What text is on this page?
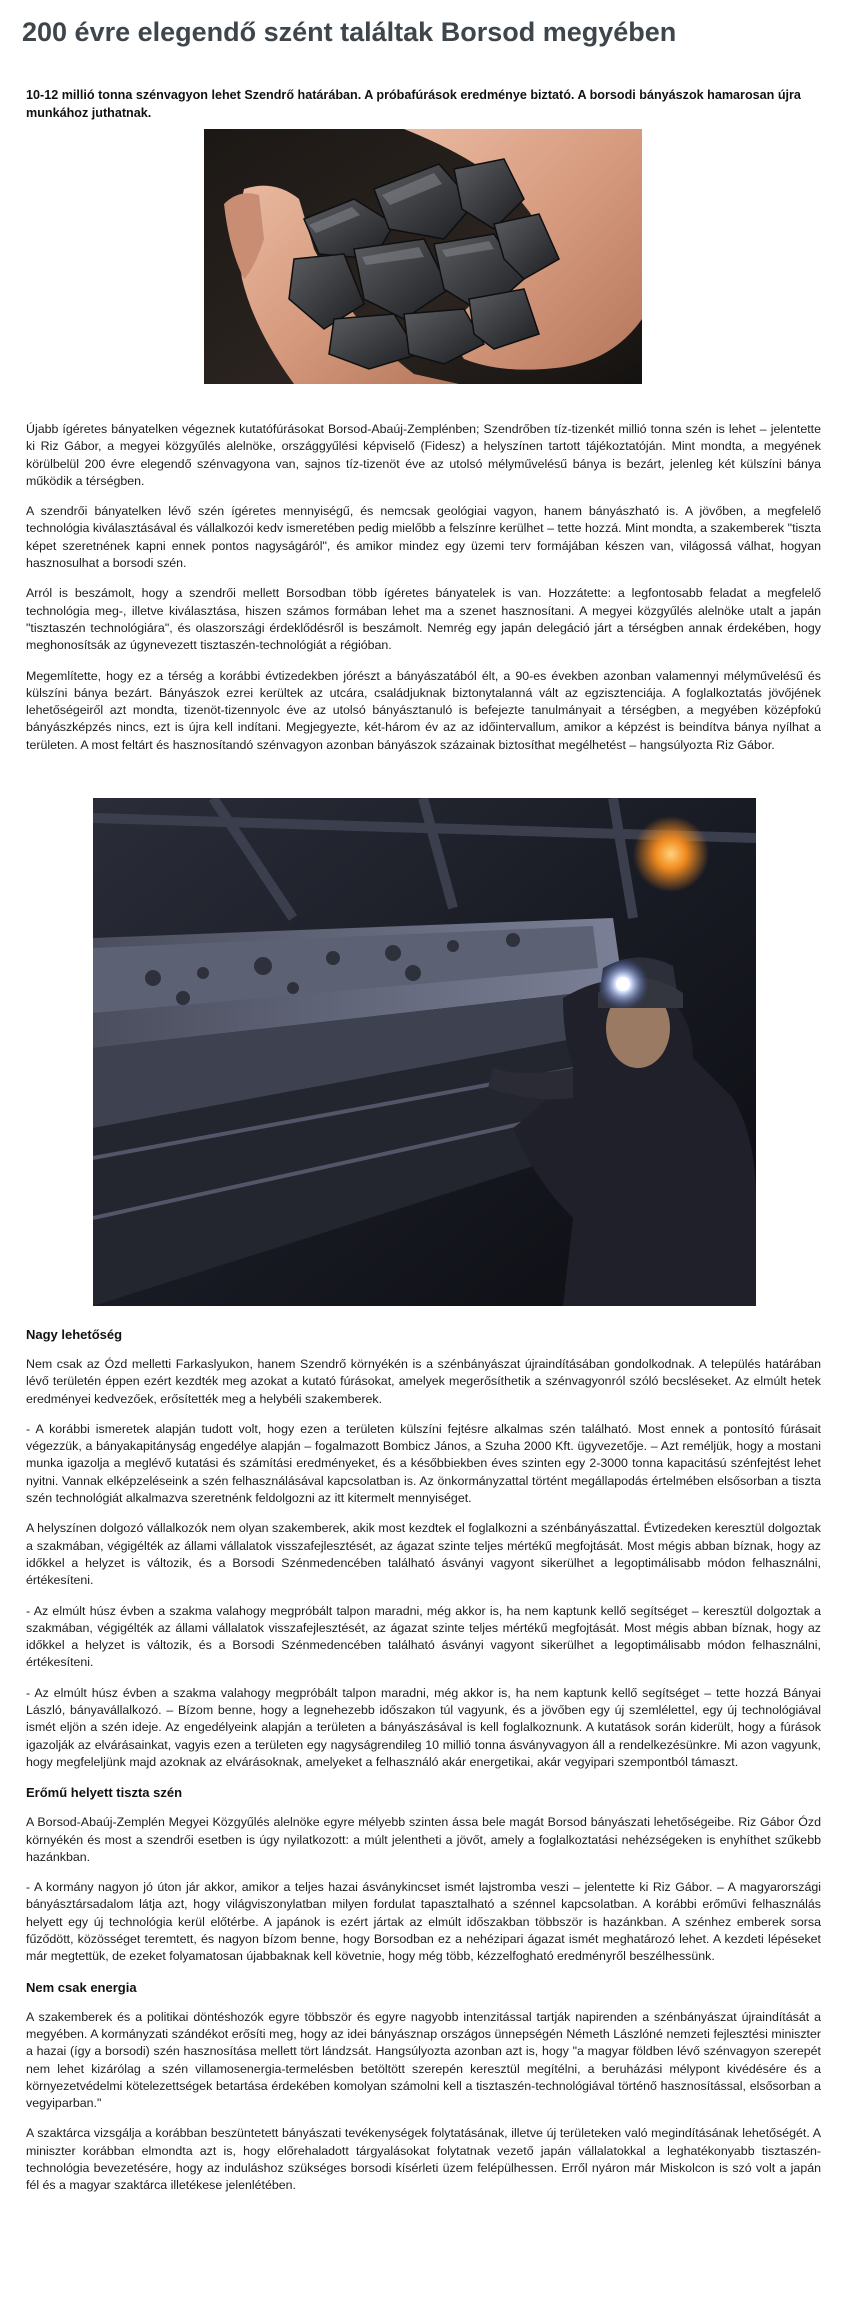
200 évre elegendő szént találtak Borsod megyében
10-12 millió tonna szénvagyon lehet Szendrő határában. A próbafúrások eredménye biztató. A borsodi bányászok hamarosan újra munkához juthatnak.

Újabb ígéretes bányatelken végeznek kutatófúrásokat Borsod-Abaúj-Zemplénben; Szendrőben tíz-tizenkét millió tonna szén is lehet – jelentette ki Riz Gábor, a megyei közgyűlés alelnöke, országgyűlési képviselő (Fidesz) a helyszínen tartott tájékoztatóján. Mint mondta, a megyének körülbelül 200 évre elegendő szénvagyona van, sajnos tíz-tizenöt éve az utolsó mélyművelésű bánya is bezárt, jelenleg két külszíni bánya működik a térségben.

A szendrői bányatelken lévő szén ígéretes mennyiségű, és nemcsak geológiai vagyon, hanem bányászható is. A jövőben, a megfelelő technológia kiválasztásával és vállalkozói kedv ismeretében pedig mielőbb a felszínre kerülhet – tette hozzá. Mint mondta, a szakemberek "tiszta képet szeretnének kapni ennek pontos nagyságáról", és amikor mindez egy üzemi terv formájában készen van, világossá válhat, hogyan hasznosulhat a borsodi szén.

Arról is beszámolt, hogy a szendrői mellett Borsodban több ígéretes bányatelek is van. Hozzátette: a legfontosabb feladat a megfelelő technológia meg-, illetve kiválasztása, hiszen számos formában lehet ma a szenet hasznosítani. A megyei közgyűlés alelnöke utalt a japán "tisztaszén technológiára", és olaszországi érdeklődésről is beszámolt. Nemrég egy japán delegáció járt a térségben annak érdekében, hogy meghonosítsák az úgynevezett tisztaszén-technológiát a régióban.

Megemlítette, hogy ez a térség a korábbi évtizedekben jórészt a bányászatából élt, a 90-es években azonban valamennyi mélyművelésű és külszíni bánya bezárt. Bányászok ezrei kerültek az utcára, családjuknak biztonytalanná vált az egzisztenciája. A foglalkoztatás jövőjének lehetőségeiről azt mondta, tizenöt-tizennyolc éve az utolsó bányásztanuló is befejezte tanulmányait a térségben, a megyében középfokú bányászképzés nincs, ezt is újra kell indítani. Megjegyezte, két-három év az az időintervallum, amikor a képzést is beindítva bánya nyílhat a területen. A most feltárt és hasznosítandó szénvagyon azonban bányászok százainak biztosíthat megélhetést – hangsúlyozta Riz Gábor.

Nagy lehetőség

Nem csak az Ózd melletti Farkaslyukon, hanem Szendrő környékén is a szénbányászat újraindításában gondolkodnak. A település határában lévő területén éppen ezért kezdték meg azokat a kutató fúrásokat, amelyek megerősíthetik a szénvagyonról szóló becsléseket. Az elmúlt hetek eredményei kedvezőek, erősítették meg a helybéli szakemberek.

- A korábbi ismeretek alapján tudott volt, hogy ezen a területen külszíni fejtésre alkalmas szén található. Most ennek a pontosító fúrásait végezzük, a bányakapitányság engedélye alapján – fogalmazott Bombicz János, a Szuha 2000 Kft. ügyvezetője. – Azt reméljük, hogy a mostani munka igazolja a meglévő kutatási és számítási eredményeket, és a későbbiekben éves szinten egy 2-3000 tonna kapacitású szénfejtést lehet nyitni. Vannak elképzeléseink a szén felhasználásával kapcsolatban is. Az önkormányzattal történt megállapodás értelmében elsősorban a tiszta szén technológiát alkalmazva szeretnénk feldolgozni az itt kitermelt mennyiséget.

A helyszínen dolgozó vállalkozók nem olyan szakemberek, akik most kezdtek el foglalkozni a szénbányászattal. Évtizedeken keresztül dolgoztak a szakmában, végigélték az állami vállalatok visszafejlesztését, az ágazat szinte teljes mértékű megfojtását. Most mégis abban bíznak, hogy az időkkel a helyzet is változik, és a Borsodi Szénmedencében található ásványi vagyont sikerülhet a legoptimálisabb módon felhasználni, értékesíteni.

- Az elmúlt húsz évben a szakma valahogy megpróbált talpon maradni, még akkor is, ha nem kaptunk kellő segítséget – keresztül dolgoztak a szakmában, végigélték az állami vállalatok visszafejlesztését, az ágazat szinte teljes mértékű megfojtását. Most mégis abban bíznak, hogy az időkkel a helyzet is változik, és a Borsodi Szénmedencében található ásványi vagyont sikerülhet a legoptimálisabb módon felhasználni, értékesíteni.

- Az elmúlt húsz évben a szakma valahogy megpróbált talpon maradni, még akkor is, ha nem kaptunk kellő segítséget – tette hozzá Bányai László, bányavállalkozó. – Bízom benne, hogy a legnehezebb időszakon túl vagyunk, és a jövőben egy új szemlélettel, egy új technológiával ismét eljön a szén ideje. Az engedélyeink alapján a területen a bányászásával is kell foglalkoznunk. A kutatások során kiderült, hogy a fúrások igazolják az elvárásainkat, vagyis ezen a területen egy nagyságrendileg 10 millió tonna ásványvagyon áll a rendelkezésünkre. Mi azon vagyunk, hogy megfeleljünk majd azoknak az elvárásoknak, amelyeket a felhasználó akár energetikai, akár vegyipari szempontból támaszt.

Erőmű helyett tiszta szén

A Borsod-Abaúj-Zemplén Megyei Közgyűlés alelnöke egyre mélyebb szinten ássa bele magát Borsod bányászati lehetőségeibe. Riz Gábor Ózd környékén és most a szendrői esetben is úgy nyilatkozott: a múlt jelentheti a jövőt, amely a foglalkoztatási nehézségeken is enyhíthet szűkebb hazánkban.

- A kormány nagyon jó úton jár akkor, amikor a teljes hazai ásványkincset ismét lajstromba veszi – jelentette ki Riz Gábor. – A magyarországi bányásztársadalom látja azt, hogy világviszonylatban milyen fordulat tapasztalható a szénnel kapcsolatban. A korábbi erőművi felhasználás helyett egy új technológia kerül előtérbe. A japánok is ezért jártak az elmúlt időszakban többször is hazánkban. A szénhez emberek sorsa fűződött, közösséget teremtett, és nagyon bízom benne, hogy Borsodban ez a nehézipari ágazat ismét meghatározó lehet. A kezdeti lépéseket már megtettük, de ezeket folyamatosan újabbaknak kell követnie, hogy még több, kézzelfogható eredményről beszélhessünk.

Nem csak energia

A szakemberek és a politikai döntéshozók egyre többször és egyre nagyobb intenzitással tartják napirenden a szénbányászat újraindítását a megyében. A kormányzati szándékot erősíti meg, hogy az idei bányásznap országos ünnepségén Németh Lászlóné nemzeti fejlesztési miniszter a hazai (így a borsodi) szén hasznosítása mellett tört lándzsát. Hangsúlyozta azonban azt is, hogy "a magyar földben lévő szénvagyon szerepét nem lehet kizárólag a szén villamosenergia-termelésben betöltött szerepén keresztül megítélni, a beruházási mélypont kivédésére és a környezetvédelmi kötelezettségek betartása érdekében komolyan számolni kell a tisztaszén-technológiával történő hasznosítással, elsősorban a vegyiparban."

A szaktárca vizsgálja a korábban beszüntetett bányászati tevékenységek folytatásának, illetve új területeken való megindításának lehetőségét. A miniszter korábban elmondta azt is, hogy előrehaladott tárgyalásokat folytatnak vezető japán vállalatokkal a leghatékonyabb tisztaszén-technológia bevezetésére, hogy az induláshoz szükséges borsodi kísérleti üzem felépülhessen. Erről nyáron már Miskolcon is szó volt a japán fél és a magyar szaktárca illetékese jelenlétében.
